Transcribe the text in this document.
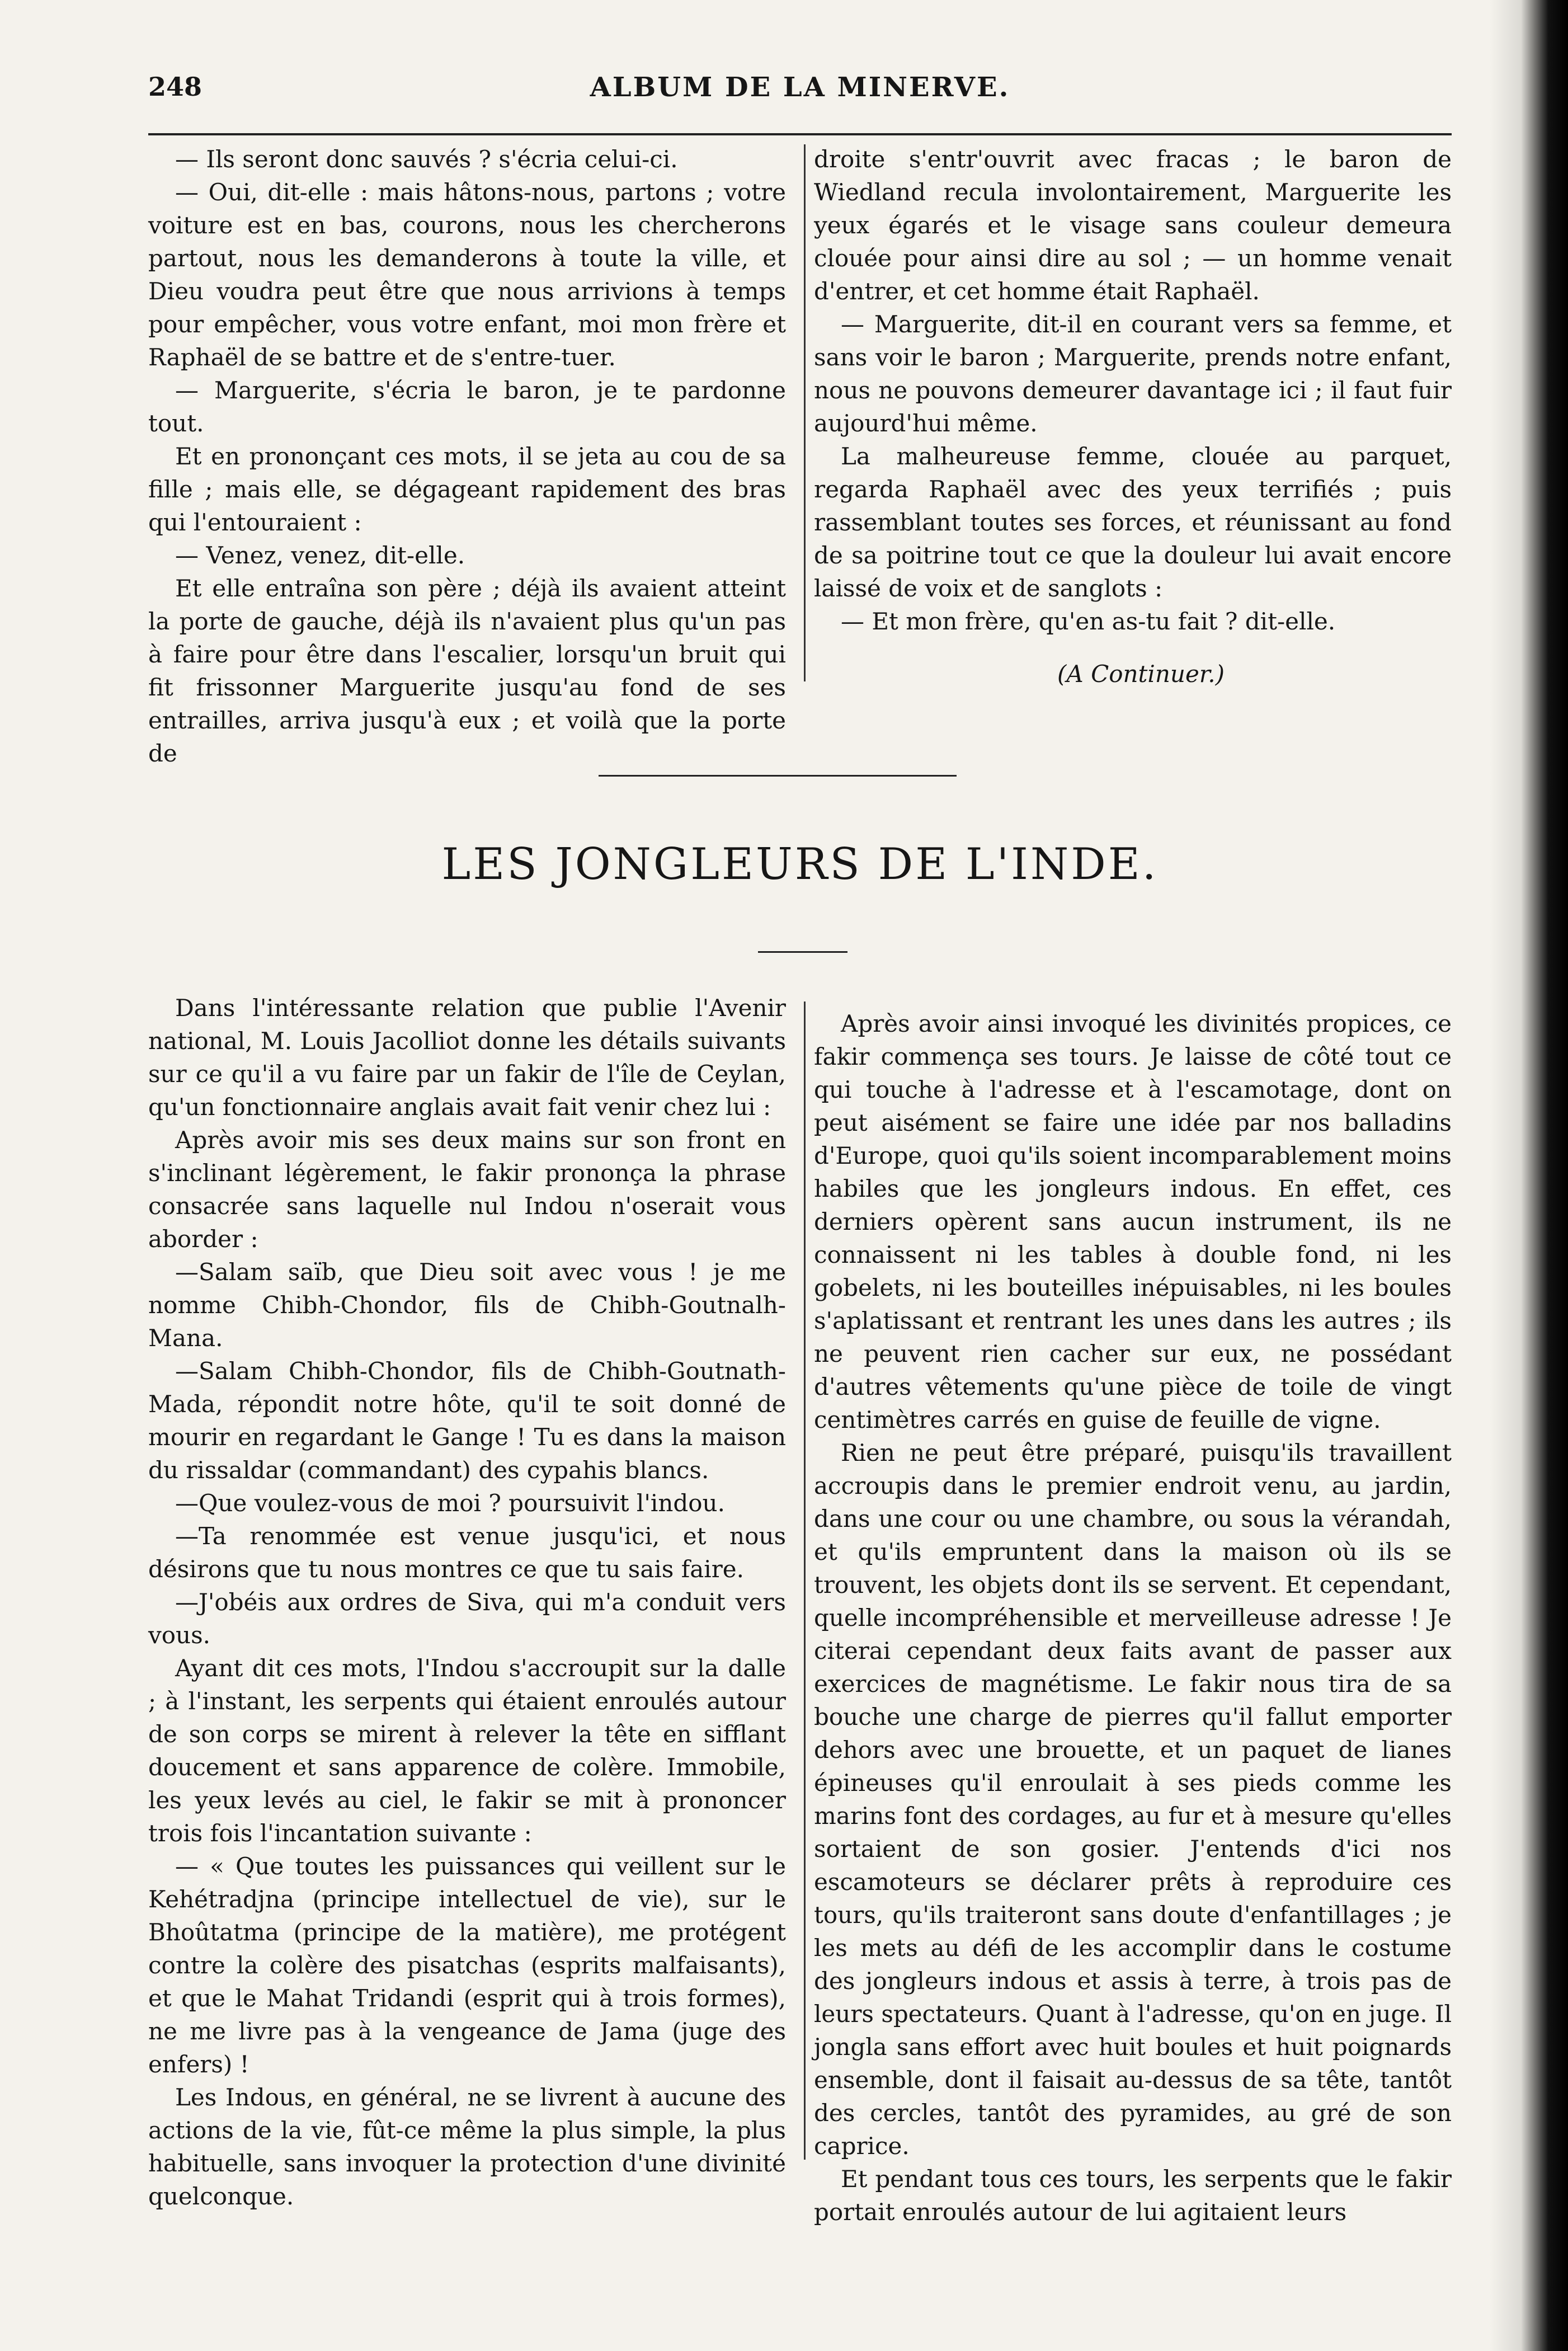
248	ALBUM DE LA MINERVE.

— Ils seront donc sauvés ? s'écria celui-ci.

— Oui, dit-elle : mais hâtons-nous, partons ; votre voiture est en bas, courons, nous les chercherons partout, nous les demanderons à toute la ville, et Dieu voudra peut être que nous arrivions à temps pour empêcher, vous votre enfant, moi mon frère et Raphaël de se battre et de s'entre-tuer.

— Marguerite, s'écria le baron, je te pardonne tout.

Et en prononçant ces mots, il se jeta au cou de sa fille ; mais elle, se dégageant rapidement des bras qui l'entouraient :

— Venez, venez, dit-elle.

Et elle entraîna son père ; déjà ils avaient atteint la porte de gauche, déjà ils n'avaient plus qu'un pas à faire pour être dans l'escalier, lorsqu'un bruit qui fit frissonner Marguerite jusqu'au fond de ses entrailles, arriva jusqu'à eux ; et voilà que la porte de

droite s'entr'ouvrit avec fracas ; le baron de Wiedland recula involontairement, Marguerite les yeux égarés et le visage sans couleur demeura clouée pour ainsi dire au sol ; — un homme venait d'entrer, et cet homme était Raphaël.

— Marguerite, dit-il en courant vers sa femme, et sans voir le baron ; Marguerite, prends notre enfant, nous ne pouvons demeurer davantage ici ; il faut fuir aujourd'hui même.

La malheureuse femme, clouée au parquet, regarda Raphaël avec des yeux terrifiés ; puis rassemblant toutes ses forces, et réunissant au fond de sa poitrine tout ce que la douleur lui avait encore laissé de voix et de sanglots :

— Et mon frère, qu'en as-tu fait ? dit-elle.

(A Continuer.)
LES JONGLEURS DE L'INDE.

Dans l'intéressante relation que publie l'Avenir national, M. Louis Jacolliot donne les détails suivants sur ce qu'il a vu faire par un fakir de l'île de Ceylan, qu'un fonctionnaire anglais avait fait venir chez lui :

Après avoir mis ses deux mains sur son front en s'inclinant légèrement, le fakir prononça la phrase consacrée sans laquelle nul Indou n'oserait vous aborder :

—Salam saïb, que Dieu soit avec vous ! je me nomme Chibh-Chondor, fils de Chibh-Goutnalh-Mana.

—Salam Chibh-Chondor, fils de Chibh-Goutnath-Mada, répondit notre hôte, qu'il te soit donné de mourir en regardant le Gange ! Tu es dans la maison du rissaldar (commandant) des cypahis blancs.

—Que voulez-vous de moi ? poursuivit l'indou.

—Ta renommée est venue jusqu'ici, et nous désirons que tu nous montres ce que tu sais faire.

—J'obéis aux ordres de Siva, qui m'a conduit vers vous.

Ayant dit ces mots, l'Indou s'accroupit sur la dalle ; à l'instant, les serpents qui étaient enroulés autour de son corps se mirent à relever la tête en sifflant doucement et sans apparence de colère. Immobile, les yeux levés au ciel, le fakir se mit à prononcer trois fois l'incantation suivante :

— « Que toutes les puissances qui veillent sur le Kehétradjna (principe intellectuel de vie), sur le Bhoûtatma (principe de la matière), me protégent contre la colère des pisatchas (esprits malfaisants), et que le Mahat Tridandi (esprit qui à trois formes), ne me livre pas à la vengeance de Jama (juge des enfers) !

Les Indous, en général, ne se livrent à aucune des actions de la vie, fût-ce même la plus simple, la plus habituelle, sans invoquer la protection d'une divinité quelconque.

Après avoir ainsi invoqué les divinités propices, ce fakir commença ses tours. Je laisse de côté tout ce qui touche à l'adresse et à l'escamotage, dont on peut aisément se faire une idée par nos balladins d'Europe, quoi qu'ils soient incomparablement moins habiles que les jongleurs indous. En effet, ces derniers opèrent sans aucun instrument, ils ne connaissent ni les tables à double fond, ni les gobelets, ni les bouteilles inépuisables, ni les boules s'aplatissant et rentrant les unes dans les autres ; ils ne peuvent rien cacher sur eux, ne possédant d'autres vêtements qu'une pièce de toile de vingt centimètres carrés en guise de feuille de vigne.

Rien ne peut être préparé, puisqu'ils travaillent accroupis dans le premier endroit venu, au jardin, dans une cour ou une chambre, ou sous la vérandah, et qu'ils empruntent dans la maison où ils se trouvent, les objets dont ils se servent. Et cependant, quelle incompréhensible et merveilleuse adresse ! Je citerai cependant deux faits avant de passer aux exercices de magnétisme. Le fakir nous tira de sa bouche une charge de pierres qu'il fallut emporter dehors avec une brouette, et un paquet de lianes épineuses qu'il enroulait à ses pieds comme les marins font des cordages, au fur et à mesure qu'elles sortaient de son gosier. J'entends d'ici nos escamoteurs se déclarer prêts à reproduire ces tours, qu'ils traiteront sans doute d'enfantillages ; je les mets au défi de les accomplir dans le costume des jongleurs indous et assis à terre, à trois pas de leurs spectateurs. Quant à l'adresse, qu'on en juge. Il jongla sans effort avec huit boules et huit poignards ensemble, dont il faisait au-dessus de sa tête, tantôt des cercles, tantôt des pyramides, au gré de son caprice.

Et pendant tous ces tours, les serpents que le fakir portait enroulés autour de lui agitaient leurs
